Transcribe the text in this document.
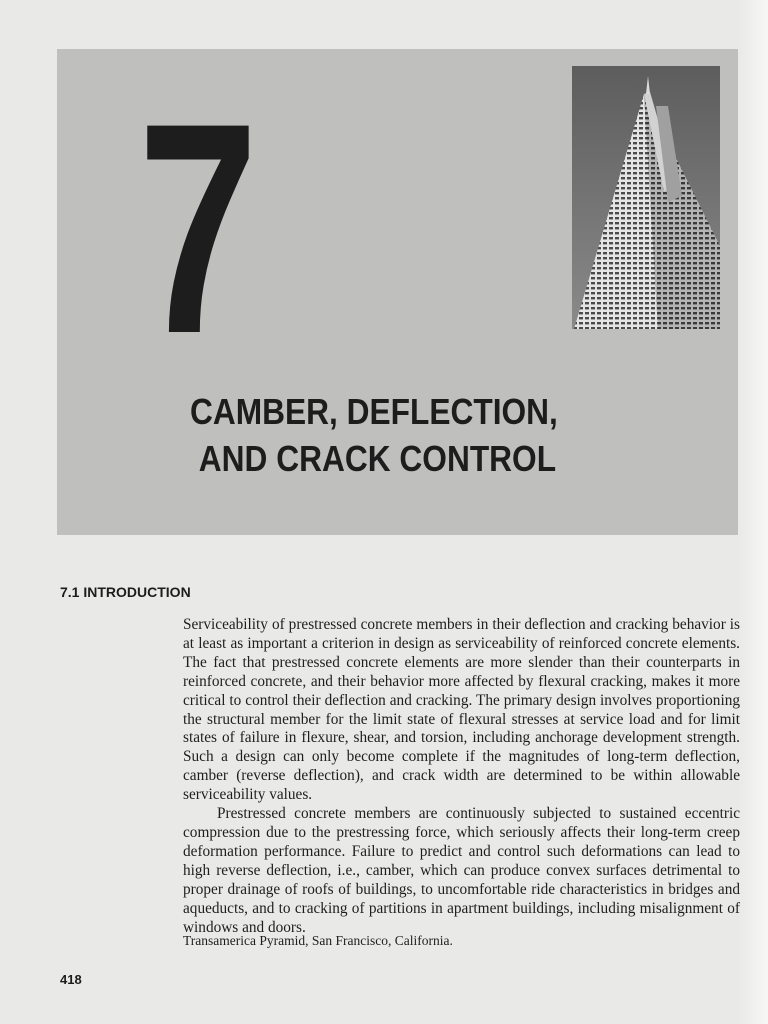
7
CAMBER, DEFLECTION,
AND CRACK CONTROL
7.1 INTRODUCTION

Serviceability of prestressed concrete members in their deflection and cracking behavior is at least as important a criterion in design as serviceability of reinforced concrete elements. The fact that prestressed concrete elements are more slender than their counterparts in reinforced concrete, and their behavior more affected by flexural cracking, makes it more critical to control their deflection and cracking. The primary design involves proportioning the structural member for the limit state of flexural stresses at service load and for limit states of failure in flexure, shear, and torsion, including anchorage development strength. Such a design can only become complete if the magnitudes of long-term deflection, camber (reverse deflection), and crack width are determined to be within allowable serviceability values.

Prestressed concrete members are continuously subjected to sustained eccentric compression due to the prestressing force, which seriously affects their long-term creep deformation performance. Failure to predict and control such deformations can lead to high reverse deflection, i.e., camber, which can produce convex surfaces detrimental to proper drainage of roofs of buildings, to uncomfortable ride characteristics in bridges and aqueducts, and to cracking of partitions in apartment buildings, including misalignment of windows and doors.

Transamerica Pyramid, San Francisco, California.
418
